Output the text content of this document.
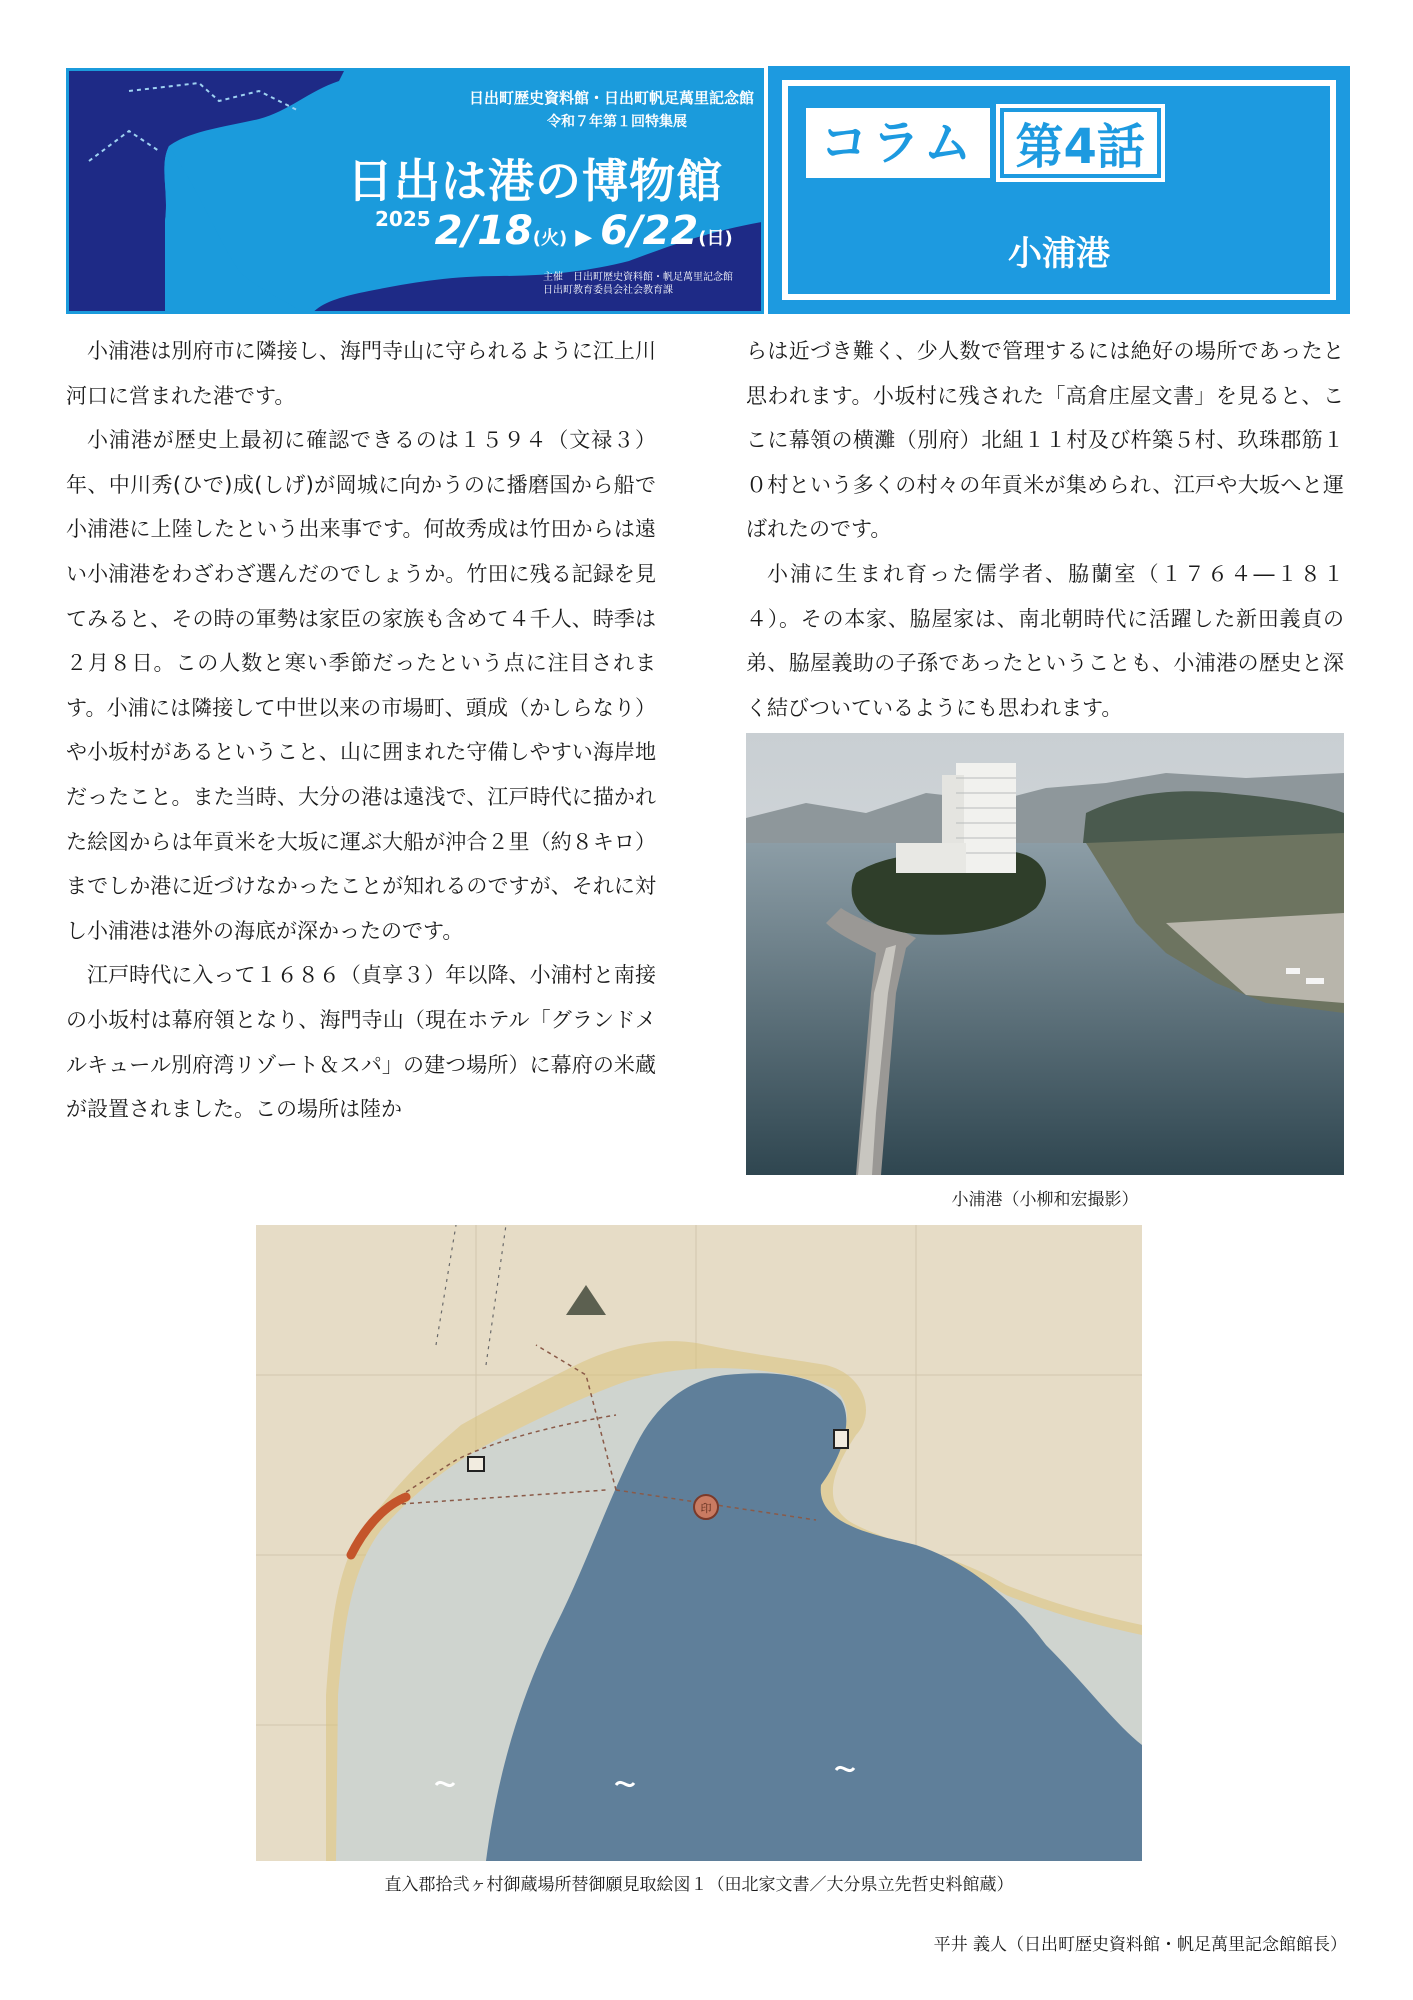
日出町歴史資料館・日出町帆足萬里記念館
令和７年第１回特集展
日出は港の博物館
2025 2/18(火) ▶ 6/22(日)
主催　日出町歴史資料館・帆足萬里記念館
日出町教育委員会社会教育課
コラム 第4話
小浦港

小浦港は別府市に隣接し、海門寺山に守られるように江上川河口に営まれた港です。

小浦港が歴史上最初に確認できるのは１５９４（文禄３）年、中川秀(ひで)成(しげ)が岡城に向かうのに播磨国から船で小浦港に上陸したという出来事です。何故秀成は竹田からは遠い小浦港をわざわざ選んだのでしょうか。竹田に残る記録を見てみると、その時の軍勢は家臣の家族も含めて４千人、時季は２月８日。この人数と寒い季節だったという点に注目されます。小浦には隣接して中世以来の市場町、頭成（かしらなり）や小坂村があるということ、山に囲まれた守備しやすい海岸地だったこと。また当時、大分の港は遠浅で、江戸時代に描かれた絵図からは年貢米を大坂に運ぶ大船が沖合２里（約８キロ）までしか港に近づけなかったことが知れるのですが、それに対し小浦港は港外の海底が深かったのです。

江戸時代に入って１６８６（貞享３）年以降、小浦村と南接の小坂村は幕府領となり、海門寺山（現在ホテル「グランドメルキュール別府湾リゾート＆スパ」の建つ場所）に幕府の米蔵が設置されました。この場所は陸か

らは近づき難く、少人数で管理するには絶好の場所であったと思われます。小坂村に残された「高倉庄屋文書」を見ると、ここに幕領の横灘（別府）北組１１村及び杵築５村、玖珠郡筋１０村という多くの村々の年貢米が集められ、江戸や大坂へと運ばれたのです。

小浦に生まれ育った儒学者、脇蘭室（１７６４―１８１４）。その本家、脇屋家は、南北朝時代に活躍した新田義貞の弟、脇屋義助の子孫であったということも、小浦港の歴史と深く結びついているようにも思われます。

小浦港（小柳和宏撮影）
印
直入郡拾弐ヶ村御蔵場所替御願見取絵図１（田北家文書／大分県立先哲史料館蔵）
平井 義人（日出町歴史資料館・帆足萬里記念館館長）
